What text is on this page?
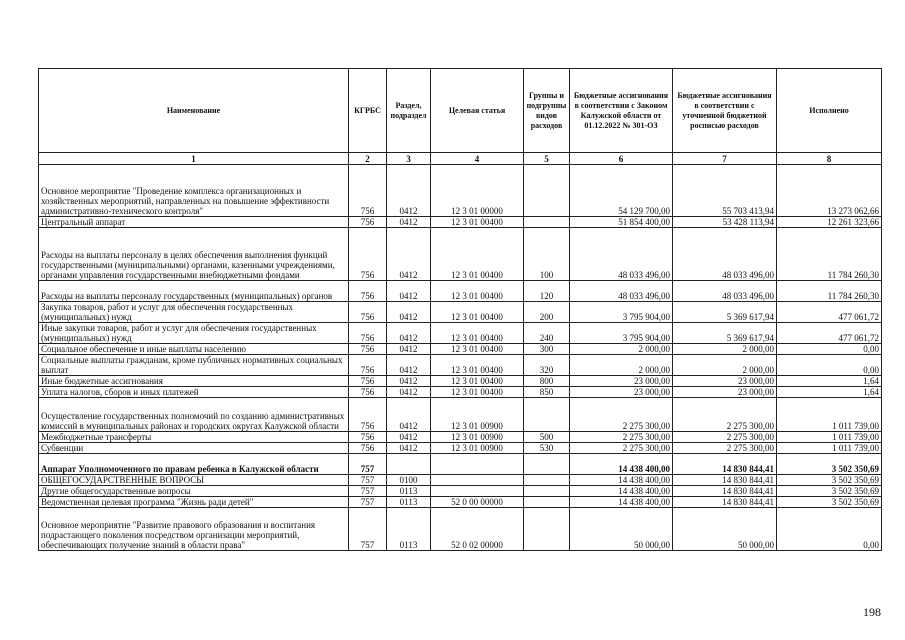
Наименование	КГРБС	Раздел, подраздел	Целевая статья	Группы и подгруппы видов расходов	Бюджетные ассигнования в соответствии с Законом Калужской области от 01.12.2022 № 301-ОЗ	Бюджетные ассигнования в соответствии с уточненной бюджетной росписью расходов	Исполнено
1	2	3	4	5	6	7	8
Основное мероприятие "Проведение комплекса организационных и хозяйственных мероприятий, направленных на повышение эффективности административно-технического контроля"	756	0412	12 3 01 00000		54 129 700,00	55 703 413,94	13 273 062,66
Центральный аппарат	756	0412	12 3 01 00400		51 854 400,00	53 428 113,94	12 261 323,66
Расходы на выплаты персоналу в целях обеспечения выполнения функций государственными (муниципальными) органами, казенными учреждениями, органами управления государственными внебюджетными фондами	756	0412	12 3 01 00400	100	48 033 496,00	48 033 496,00	11 784 260,30
Расходы на выплаты персоналу государственных (муниципальных) органов	756	0412	12 3 01 00400	120	48 033 496,00	48 033 496,00	11 784 260,30
Закупка товаров, работ и услуг для обеспечения государственных (муниципальных) нужд	756	0412	12 3 01 00400	200	3 795 904,00	5 369 617,94	477 061,72
Иные закупки товаров, работ и услуг для обеспечения государственных (муниципальных) нужд	756	0412	12 3 01 00400	240	3 795 904,00	5 369 617,94	477 061,72
Социальное обеспечение и иные выплаты населению	756	0412	12 3 01 00400	300	2 000,00	2 000,00	0,00
Социальные выплаты гражданам, кроме публичных нормативных социальных выплат	756	0412	12 3 01 00400	320	2 000,00	2 000,00	0,00
Иные бюджетные ассигнования	756	0412	12 3 01 00400	800	23 000,00	23 000,00	1,64
Уплата налогов, сборов и иных платежей	756	0412	12 3 01 00400	850	23 000,00	23 000,00	1,64
Осуществление государственных полномочий по созданию административных комиссий в муниципальных районах и городских округах Калужской области	756	0412	12 3 01 00900		2 275 300,00	2 275 300,00	1 011 739,00
Межбюджетные трансферты	756	0412	12 3 01 00900	500	2 275 300,00	2 275 300,00	1 011 739,00
Субвенции	756	0412	12 3 01 00900	530	2 275 300,00	2 275 300,00	1 011 739,00
Аппарат Уполномоченного по правам ребенка в Калужской области	757				14 438 400,00	14 830 844,41	3 502 350,69
ОБЩЕГОСУДАРСТВЕННЫЕ ВОПРОСЫ	757	0100			14 438 400,00	14 830 844,41	3 502 350,69
Другие общегосударственные вопросы	757	0113			14 438 400,00	14 830 844,41	3 502 350,69
Ведомственная целевая программа "Жизнь ради детей"	757	0113	52 0 00 00000		14 438 400,00	14 830 844,41	3 502 350,69
Основное мероприятие "Развитие правового образования и воспитания подрастающего поколения посредством организации мероприятий, обеспечивающих получение знаний в области права"	757	0113	52 0 02 00000		50 000,00	50 000,00	0,00
198
